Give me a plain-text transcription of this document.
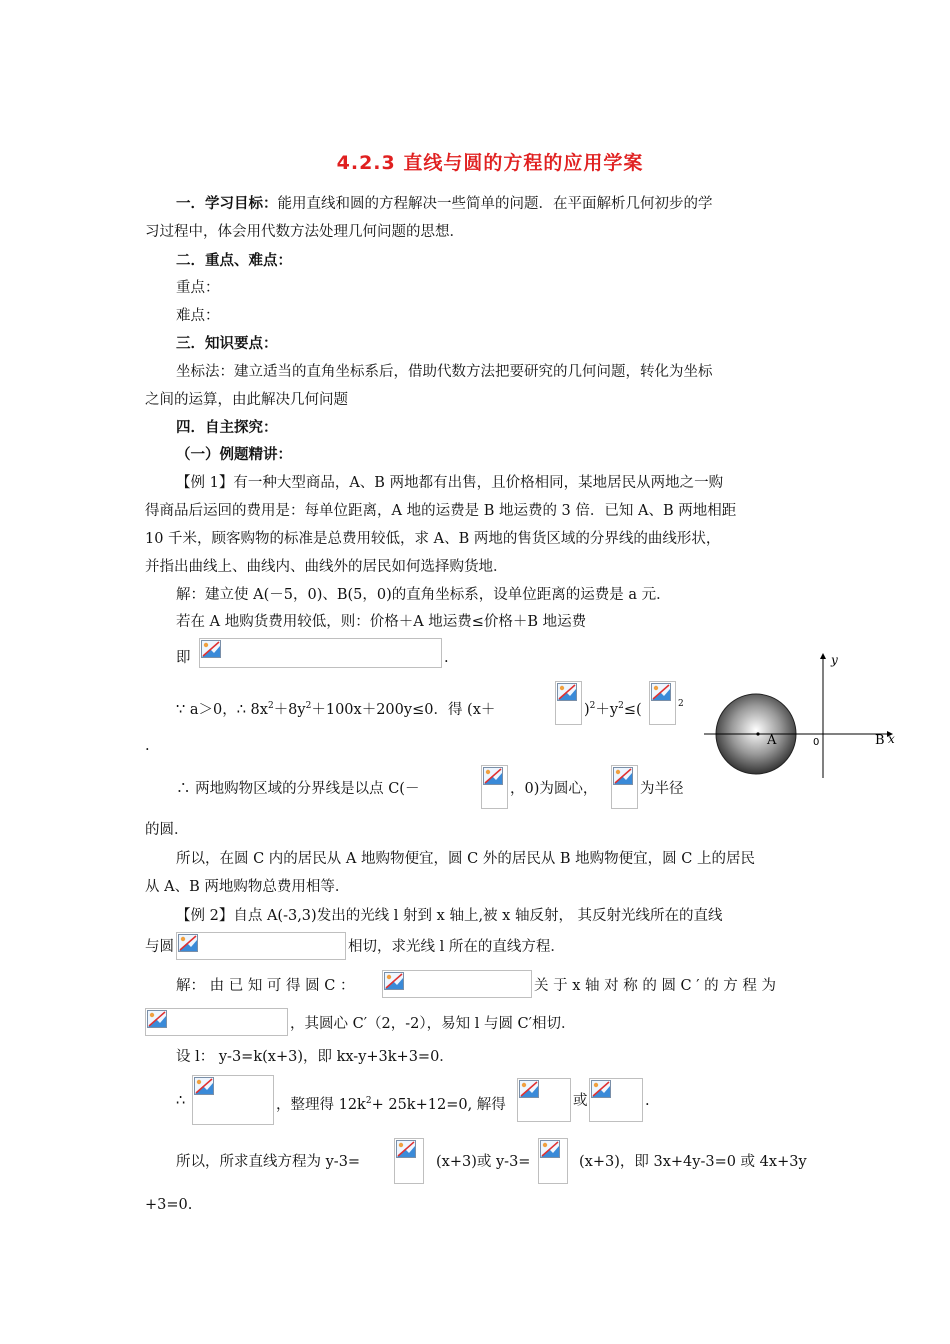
4.2.3 直线与圆的方程的应用学案
一．学习目标：能用直线和圆的方程解决一些简单的问题．在平面解析几何初步的学
习过程中，体会用代数方法处理几何问题的思想．
二．重点、难点：
重点：
难点：
三．知识要点：
坐标法：建立适当的直角坐标系后，借助代数方法把要研究的几何问题，转化为坐标
之间的运算，由此解决几何问题
四．自主探究：
（一）例题精讲：
【例 1】有一种大型商品，A、B 两地都有出售，且价格相同，某地居民从两地之一购
得商品后运回的费用是：每单位距离，A 地的运费是 B 地运费的 3 倍．已知 A、B 两地相距
10 千米，顾客购物的标准是总费用较低，求 A、B 两地的售货区域的分界线的曲线形状，
并指出曲线上、曲线内、曲线外的居民如何选择购货地．
解：建立使 A(－5，0)、B(5，0)的直角坐标系，设单位距离的运费是 a 元．
若在 A 地购货费用较低，则：价格＋A 地运费≤价格＋B 地运费
即	.
∵ a＞0，∴ $8x^2+8y^2+100x+200y\le 0$．得 (x＋	)$^2+y^2\le$(	$^2$
.
∴ 两地购物区域的分界线是以点 C(－	，0)为圆心，	为半径
的圆．
所以，在圆 C 内的居民从 A 地购物便宜，圆 C 外的居民从 B 地购物便宜，圆 C 上的居民
从 A、B 两地购物总费用相等．
y
A	0	B x
【例 2】自点 A(-3,3)发出的光线 l 射到 x 轴上,被 x 轴反射， 其反射光线所在的直线
与圆	相切，求光线 l 所在的直线方程．
解： 由 已 知 可 得 圆 C ：	关 于 x 轴 对 称 的 圆 C ′ 的 方 程 为
，其圆心 C′（2，-2），易知 l 与圆 C′相切．
设 l： y-3=k(x+3)，即 kx-y+3k+3=0．
∴	，整理得 $12k^2+ 25k+12=0$, 解得	或	.
所以，所求直线方程为 y-3=	(x+3)或 y-3=	(x+3)，即 3x+4y-3=0 或 4x+3y
+3=0.
